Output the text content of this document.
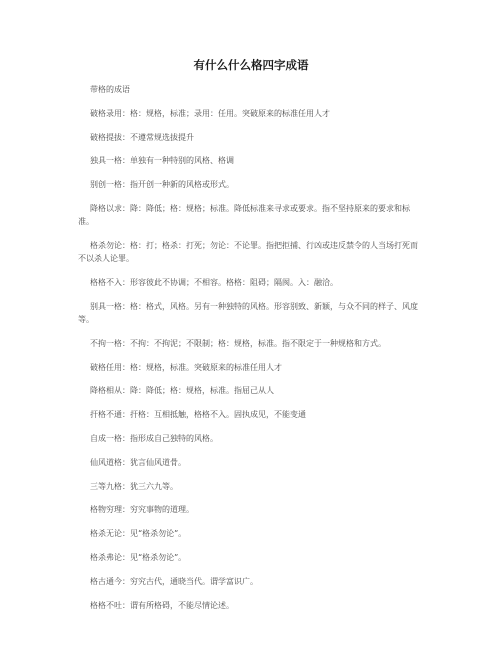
有什么什么格四字成语

带格的成语

破格录用：格：规格，标准；录用：任用。突破原来的标准任用人才

破格提拔：不遵常规选拔提升

独具一格：单独有一种特别的风格、格调

别创一格：指开创一种新的风格或形式。

降格以求：降：降低；格：规格；标准。降低标准来寻求或要求。指不坚持原来的要求和标准。

格杀勿论：格：打；格杀：打死；勿论：不论罪。指把拒捕、行凶或违反禁令的人当场打死而不以杀人论罪。

格格不入：形容彼此不协调；不相容。格格：阻碍；隔阂。入：融洽。

别具一格：格：格式，风格。另有一种独特的风格。形容别致、新颖，与众不同的样子、风度等。

不拘一格：不拘：不拘泥；不限制；格：规格，标准。指不限定于一种规格和方式。

破格任用：格：规格，标准。突破原来的标准任用人才

降格相从：降：降低；格：规格，标准。指屈己从人

扞格不通：扞格：互相抵触，格格不入。固执成见，不能变通

自成一格：指形成自己独特的风格。

仙风道格：犹言仙风道骨。

三等九格：犹三六九等。

格物穷理：穷究事物的道理。

格杀无论：见“格杀勿论”。

格杀弗论：见“格杀勿论”。

格古通今：穷究古代，通晓当代。谓学富识广。

格格不吐：谓有所格碍，不能尽情论述。
